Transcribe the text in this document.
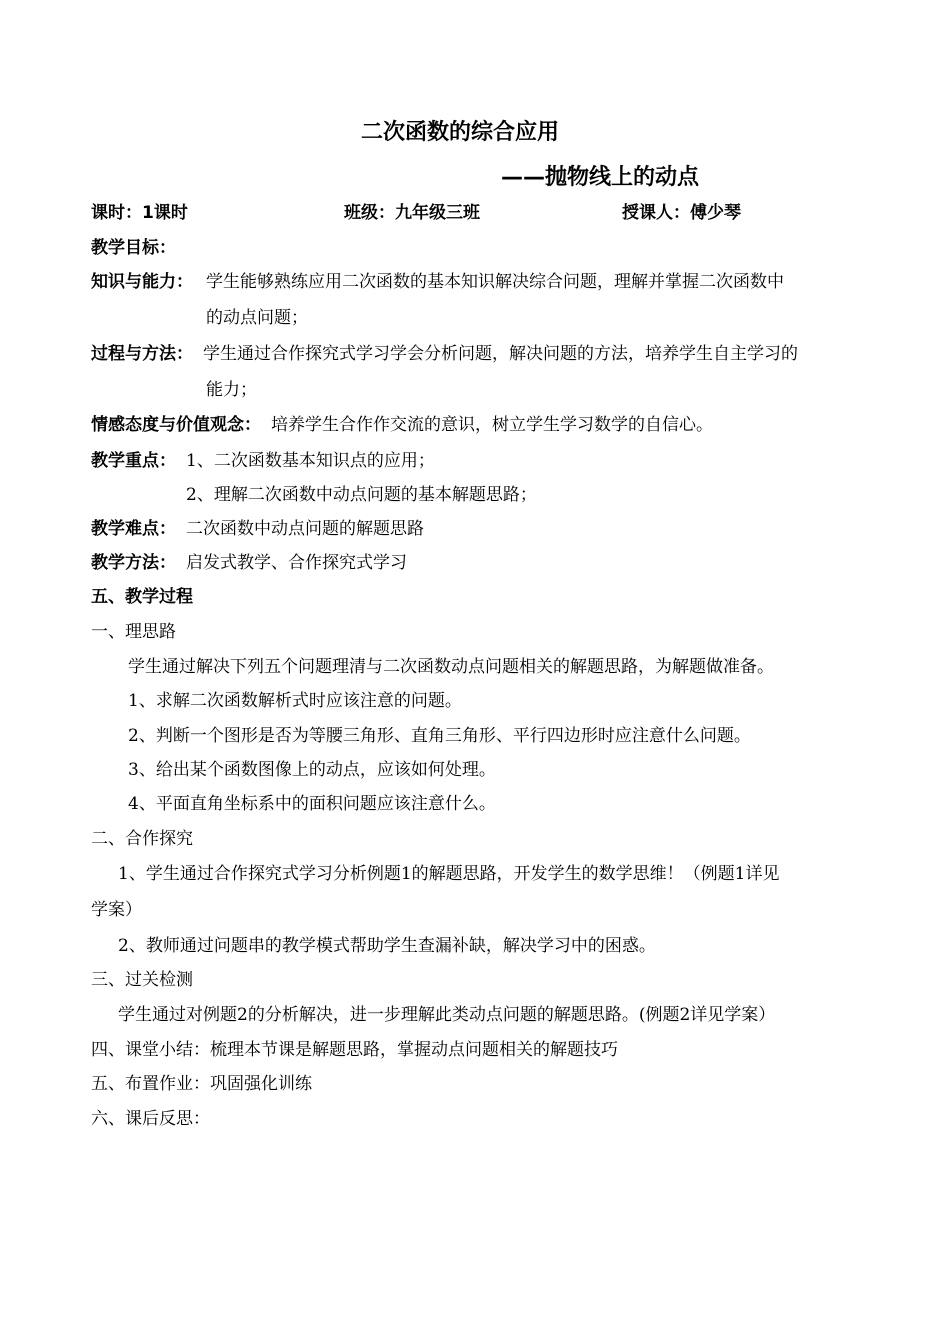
二次函数的综合应用
——抛物线上的动点
课时：1课时	班级：九年级三班	授课人：傅少琴
教学目标：
知识与能力： 学生能够熟练应用二次函数的基本知识解决综合问题，理解并掌握二次函数中
的动点问题；
过程与方法： 学生通过合作探究式学习学会分析问题，解决问题的方法，培养学生自主学习的
能力；
情感态度与价值观念： 培养学生合作作交流的意识，树立学生学习数学的自信心。
教学重点： 1、二次函数基本知识点的应用；
2、理解二次函数中动点问题的基本解题思路；
教学难点： 二次函数中动点问题的解题思路
教学方法： 启发式教学、合作探究式学习
五、教学过程
一、理思路
学生通过解决下列五个问题理清与二次函数动点问题相关的解题思路，为解题做准备。
1、求解二次函数解析式时应该注意的问题。
2、判断一个图形是否为等腰三角形、直角三角形、平行四边形时应注意什么问题。
3、给出某个函数图像上的动点，应该如何处理。
4、平面直角坐标系中的面积问题应该注意什么。
二、合作探究
1、学生通过合作探究式学习分析例题1的解题思路，开发学生的数学思维！（例题1详见
学案）
2、教师通过问题串的教学模式帮助学生查漏补缺，解决学习中的困惑。
三、过关检测
学生通过对例题2的分析解决，进一步理解此类动点问题的解题思路。(例题2详见学案）
四、课堂小结：梳理本节课是解题思路，掌握动点问题相关的解题技巧
五、布置作业：巩固强化训练
六、课后反思：
